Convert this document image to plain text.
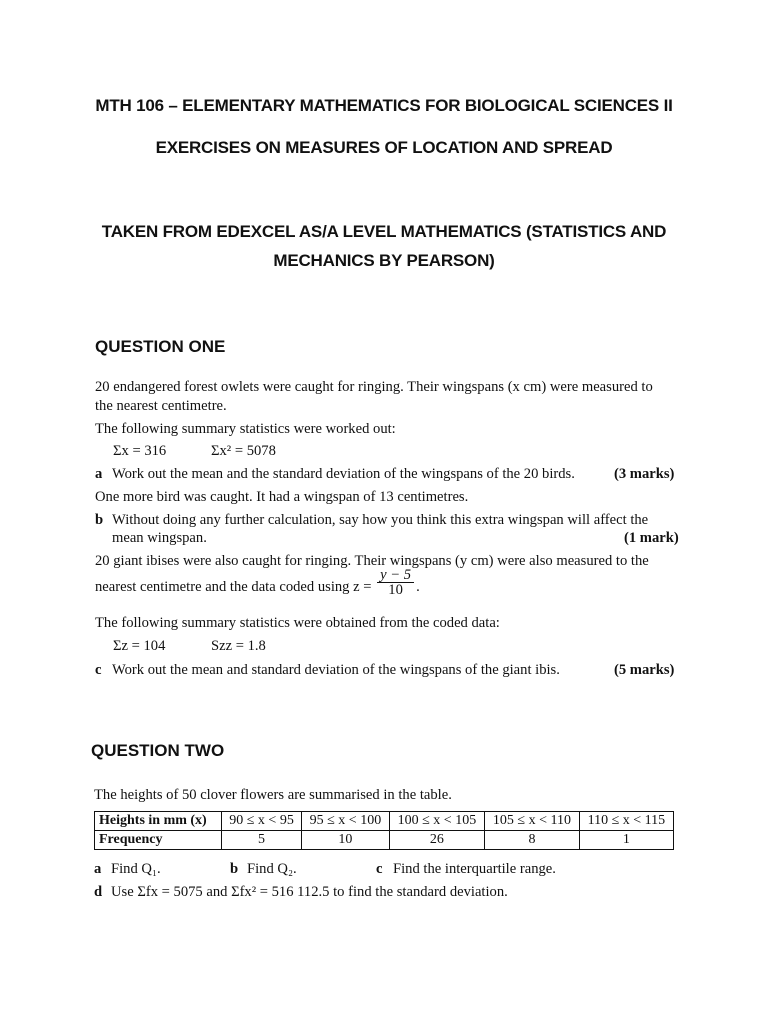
MTH 106 – ELEMENTARY MATHEMATICS FOR BIOLOGICAL SCIENCES II
EXERCISES ON MEASURES OF LOCATION AND SPREAD
TAKEN FROM EDEXCEL AS/A LEVEL MATHEMATICS (STATISTICS AND
MECHANICS BY PEARSON)
QUESTION ONE
20 endangered forest owlets were caught for ringing. Their wingspans (x cm) were measured to
the nearest centimetre.
The following summary statistics were worked out:
Σx = 316	Σx² = 5078
a Work out the mean and the standard deviation of the wingspans of the 20 birds.	(3 marks)
One more bird was caught. It had a wingspan of 13 centimetres.
b Without doing any further calculation, say how you think this extra wingspan will affect the
mean wingspan.	(1 mark)
20 giant ibises were also caught for ringing. Their wingspans (y cm) were also measured to the
nearest centimetre and the data coded using $z = \frac{y - 5}{10}$ .
The following summary statistics were obtained from the coded data:
Σz = 104	Szz = 1.8
c Work out the mean and standard deviation of the wingspans of the giant ibis.	(5 marks)
QUESTION TWO
The heights of 50 clover flowers are summarised in the table.
Heights in mm (x)	90 ≤ x < 95	95 ≤ x < 100	100 ≤ x < 105	105 ≤ x < 110	110 ≤ x < 115
Frequency	5	10	26	8	1
a Find Q₁.	b Find Q₂.	c Find the interquartile range.
d Use Σfx = 5075 and Σfx² = 516 112.5 to find the standard deviation.
